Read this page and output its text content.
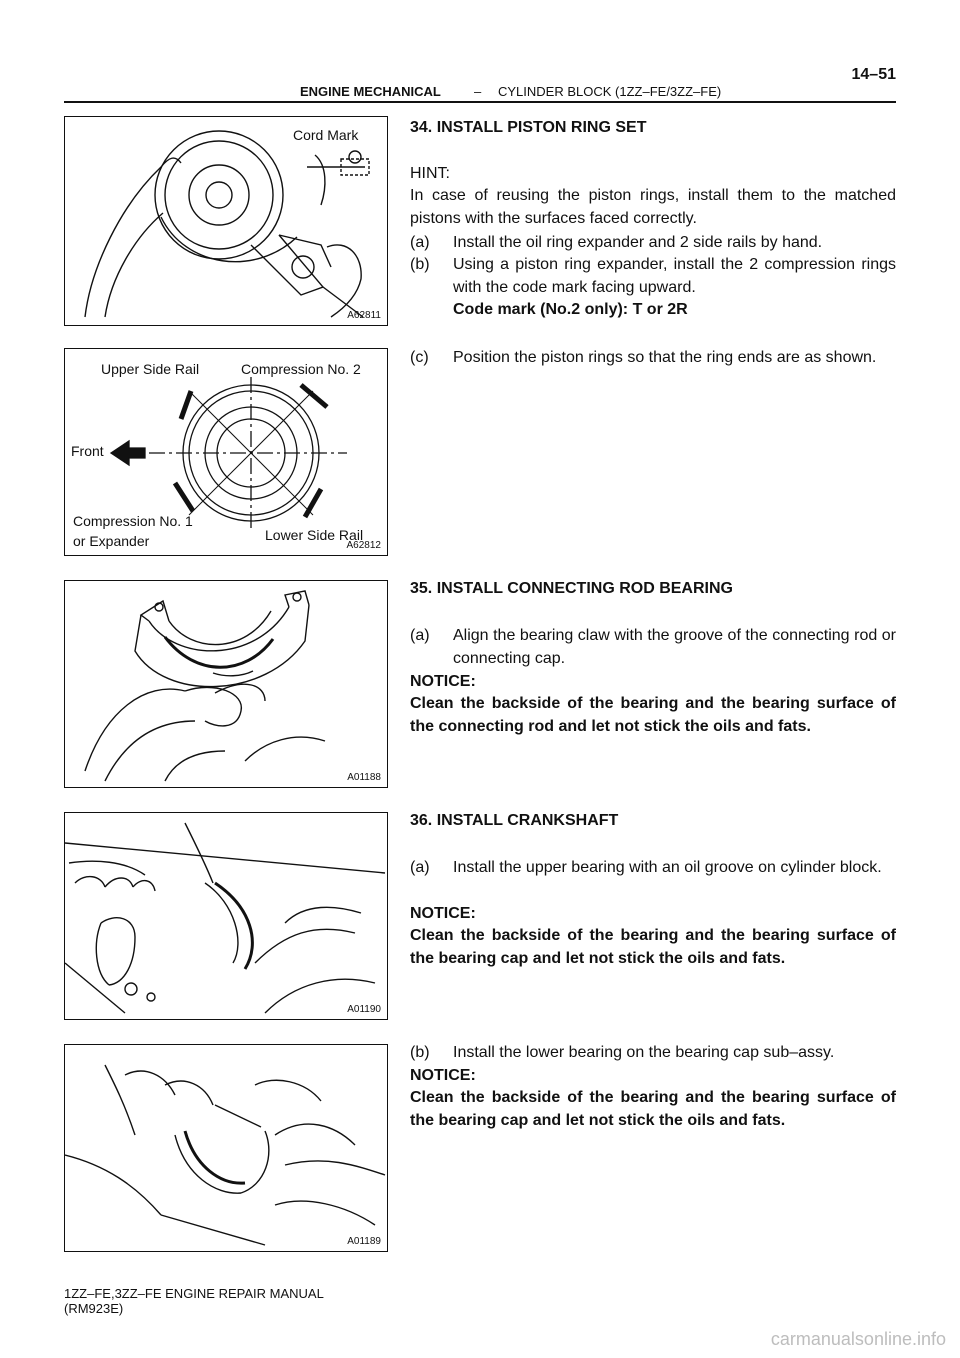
ENGINE MECHANICAL	– CYLINDER BLOCK (1ZZ–FE/3ZZ–FE)
14–51
Cord Mark
A62811
Upper Side Rail	Compression No. 2
Front
Compression No. 1
or Expander	Lower Side Rail
A62812
A01188
A01190
A01189
34. INSTALL PISTON RING SET
HINT:
In case of reusing the piston rings, install them to the matched pistons with the surfaces faced correctly.
(a) Install the oil ring expander and 2 side rails by hand.
(b) Using a piston ring expander, install the 2 compression rings with the code mark facing upward.
Code mark (No.2 only): T or 2R
(c) Position the piston rings so that the ring ends are as shown.
35. INSTALL CONNECTING ROD BEARING
(a) Align the bearing claw with the groove of the connecting rod or connecting cap.
NOTICE:
Clean the backside of the bearing and the bearing surface of the connecting rod and let not stick the oils and fats.
36. INSTALL CRANKSHAFT
(a) Install the upper bearing with an oil groove on cylinder block.
NOTICE:
Clean the backside of the bearing and the bearing surface of the bearing cap and let not stick the oils and fats.
(b) Install the lower bearing on the bearing cap sub–assy.
NOTICE:
Clean the backside of the bearing and the bearing surface of the bearing cap and let not stick the oils and fats.
1ZZ–FE,3ZZ–FE ENGINE REPAIR MANUAL
(RM923E)
carmanualsonline.info
